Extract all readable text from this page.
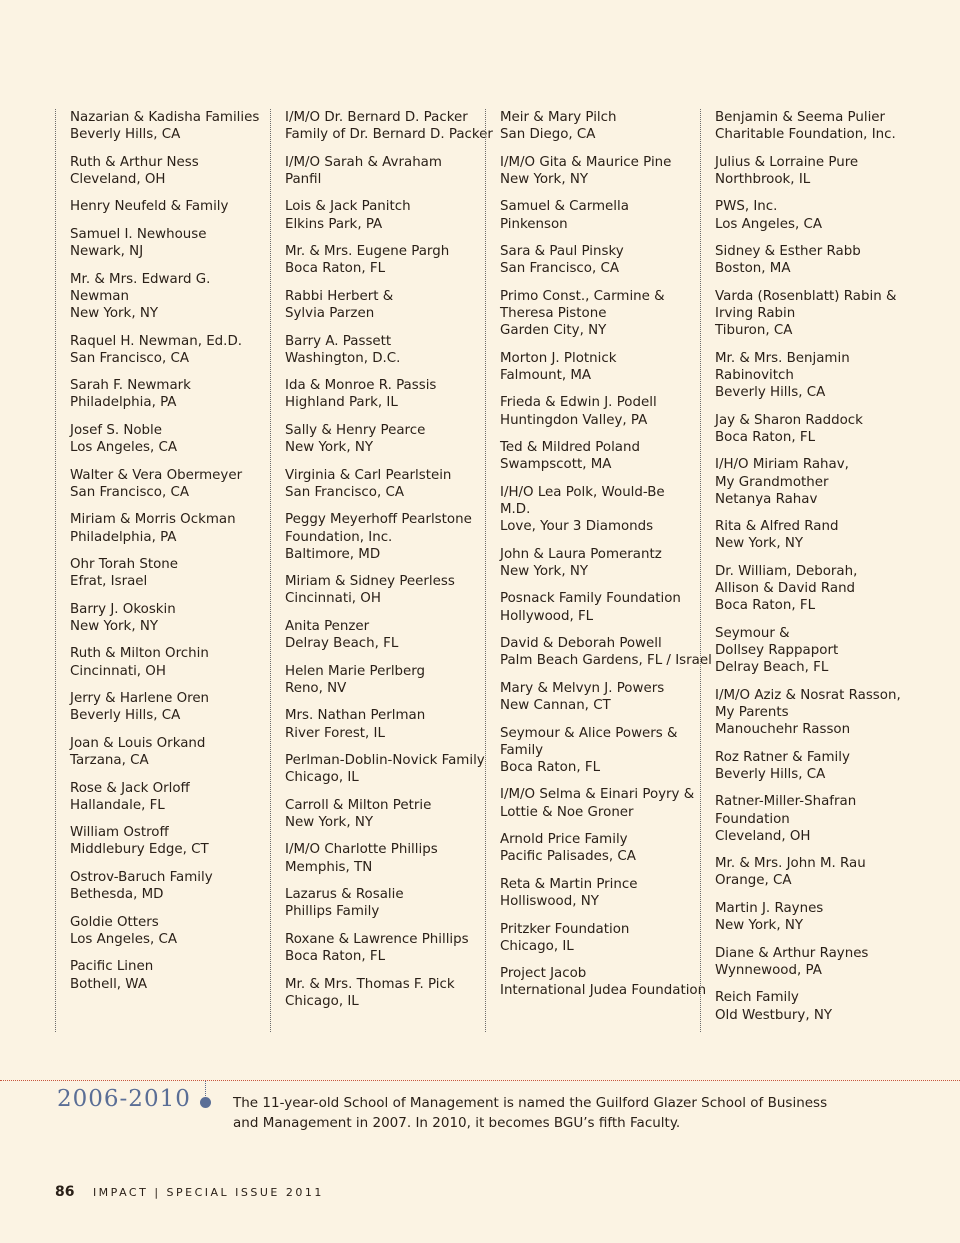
Nazarian & Kadisha Families
Beverly Hills, CA
Ruth & Arthur Ness
Cleveland, OH
Henry Neufeld & Family
Samuel I. Newhouse
Newark, NJ
Mr. & Mrs. Edward G.
Newman
New York, NY
Raquel H. Newman, Ed.D.
San Francisco, CA
Sarah F. Newmark
Philadelphia, PA
Josef S. Noble
Los Angeles, CA
Walter & Vera Obermeyer
San Francisco, CA
Miriam & Morris Ockman
Philadelphia, PA
Ohr Torah Stone
Efrat, Israel
Barry J. Okoskin
New York, NY
Ruth & Milton Orchin
Cincinnati, OH
Jerry & Harlene Oren
Beverly Hills, CA
Joan & Louis Orkand
Tarzana, CA
Rose & Jack Orloff
Hallandale, FL
William Ostroff
Middlebury Edge, CT
Ostrov-Baruch Family
Bethesda, MD
Goldie Otters
Los Angeles, CA
Pacific Linen
Bothell, WA
I/M/O Dr. Bernard D. Packer
Family of Dr. Bernard D. Packer
I/M/O Sarah & Avraham
Panfil
Lois & Jack Panitch
Elkins Park, PA
Mr. & Mrs. Eugene Pargh
Boca Raton, FL
Rabbi Herbert &
Sylvia Parzen
Barry A. Passett
Washington, D.C.
Ida & Monroe R. Passis
Highland Park, IL
Sally & Henry Pearce
New York, NY
Virginia & Carl Pearlstein
San Francisco, CA
Peggy Meyerhoff Pearlstone
Foundation, Inc.
Baltimore, MD
Miriam & Sidney Peerless
Cincinnati, OH
Anita Penzer
Delray Beach, FL
Helen Marie Perlberg
Reno, NV
Mrs. Nathan Perlman
River Forest, IL
Perlman-Doblin-Novick Family
Chicago, IL
Carroll & Milton Petrie
New York, NY
I/M/O Charlotte Phillips
Memphis, TN
Lazarus & Rosalie
Phillips Family
Roxane & Lawrence Phillips
Boca Raton, FL
Mr. & Mrs. Thomas F. Pick
Chicago, IL
Meir & Mary Pilch
San Diego, CA
I/M/O Gita & Maurice Pine
New York, NY
Samuel & Carmella
Pinkenson
Sara & Paul Pinsky
San Francisco, CA
Primo Const., Carmine &
Theresa Pistone
Garden City, NY
Morton J. Plotnick
Falmount, MA
Frieda & Edwin J. Podell
Huntingdon Valley, PA
Ted & Mildred Poland
Swampscott, MA
I/H/O Lea Polk, Would-Be
M.D.
Love, Your 3 Diamonds
John & Laura Pomerantz
New York, NY
Posnack Family Foundation
Hollywood, FL
David & Deborah Powell
Palm Beach Gardens, FL / Israel
Mary & Melvyn J. Powers
New Cannan, CT
Seymour & Alice Powers &
Family
Boca Raton, FL
I/M/O Selma & Einari Poyry &
Lottie & Noe Groner
Arnold Price Family
Pacific Palisades, CA
Reta & Martin Prince
Holliswood, NY
Pritzker Foundation
Chicago, IL
Project Jacob
International Judea Foundation
Benjamin & Seema Pulier
Charitable Foundation, Inc.
Julius & Lorraine Pure
Northbrook, IL
PWS, Inc.
Los Angeles, CA
Sidney & Esther Rabb
Boston, MA
Varda (Rosenblatt) Rabin &
Irving Rabin
Tiburon, CA
Mr. & Mrs. Benjamin
Rabinovitch
Beverly Hills, CA
Jay & Sharon Raddock
Boca Raton, FL
I/H/O Miriam Rahav,
My Grandmother
Netanya Rahav
Rita & Alfred Rand
New York, NY
Dr. William, Deborah,
Allison & David Rand
Boca Raton, FL
Seymour &
Dollsey Rappaport
Delray Beach, FL
I/M/O Aziz & Nosrat Rasson,
My Parents
Manouchehr Rasson
Roz Ratner & Family
Beverly Hills, CA
Ratner-Miller-Shafran
Foundation
Cleveland, OH
Mr. & Mrs. John M. Rau
Orange, CA
Martin J. Raynes
New York, NY
Diane & Arthur Raynes
Wynnewood, PA
Reich Family
Old Westbury, NY
2006-2010	The 11-year-old School of Management is named the Guilford Glazer School of Business and Management in 2007. In 2010, it becomes BGU’s fifth Faculty.
86 IMPACT | SPECIAL ISSUE 2011
